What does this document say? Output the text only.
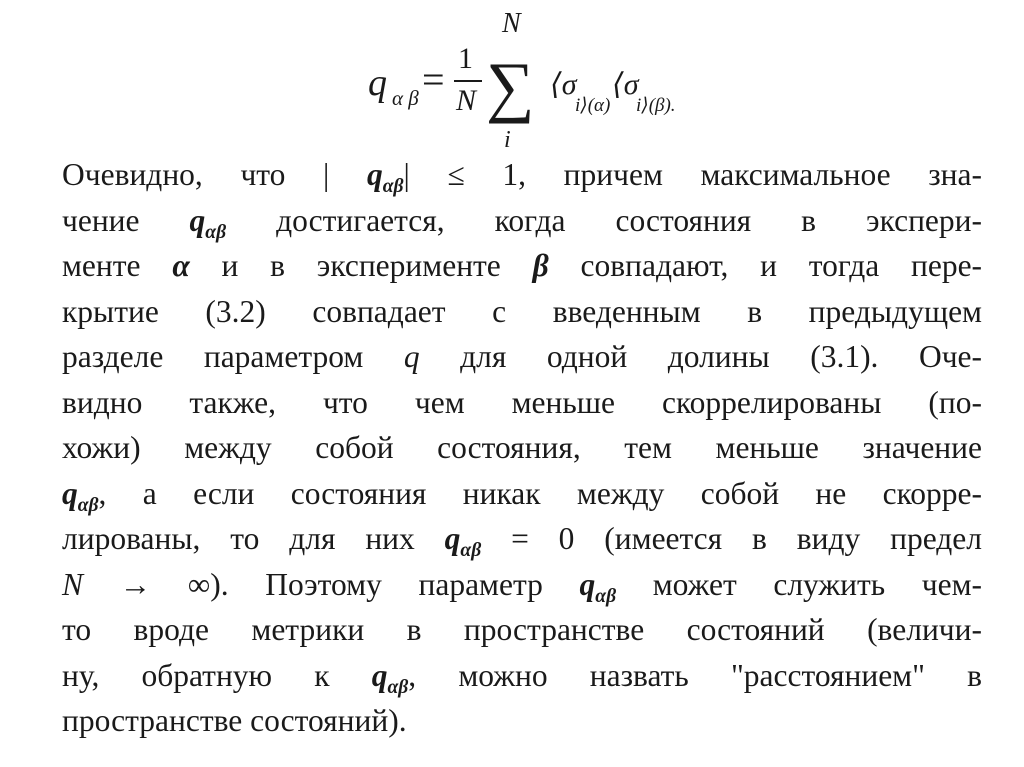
q α β = 1
N
N
∑
i
⟨σ
i⟩(α)
⟨σ
i⟩(β).
Очевидно, что | $q_{\alpha\beta}| \le 1$, причем максимальное зна-
чение $q_{\alpha\beta}$ достигается, когда состояния в экспери-
менте α и в эксперименте β совпадают, и тогда пере-
крытие (3.2) совпадает с введенным в предыдущем
разделе параметром q для одной долины (3.1). Оче-
видно также, что чем меньше скоррелированы (по-
хожи) между собой состояния, тем меньше значение
$q_{\alpha\beta}$, а если состояния никак между собой не скорре-
лированы, то для них $q_{\alpha\beta} = 0$ (имеется в виду предел
N → ∞). Поэтому параметр $q_{\alpha\beta}$ может служить чем-
то вроде метрики в пространстве состояний (величи-
ну, обратную к $q_{\alpha\beta}$, можно назвать "расстоянием" в
пространстве состояний).
